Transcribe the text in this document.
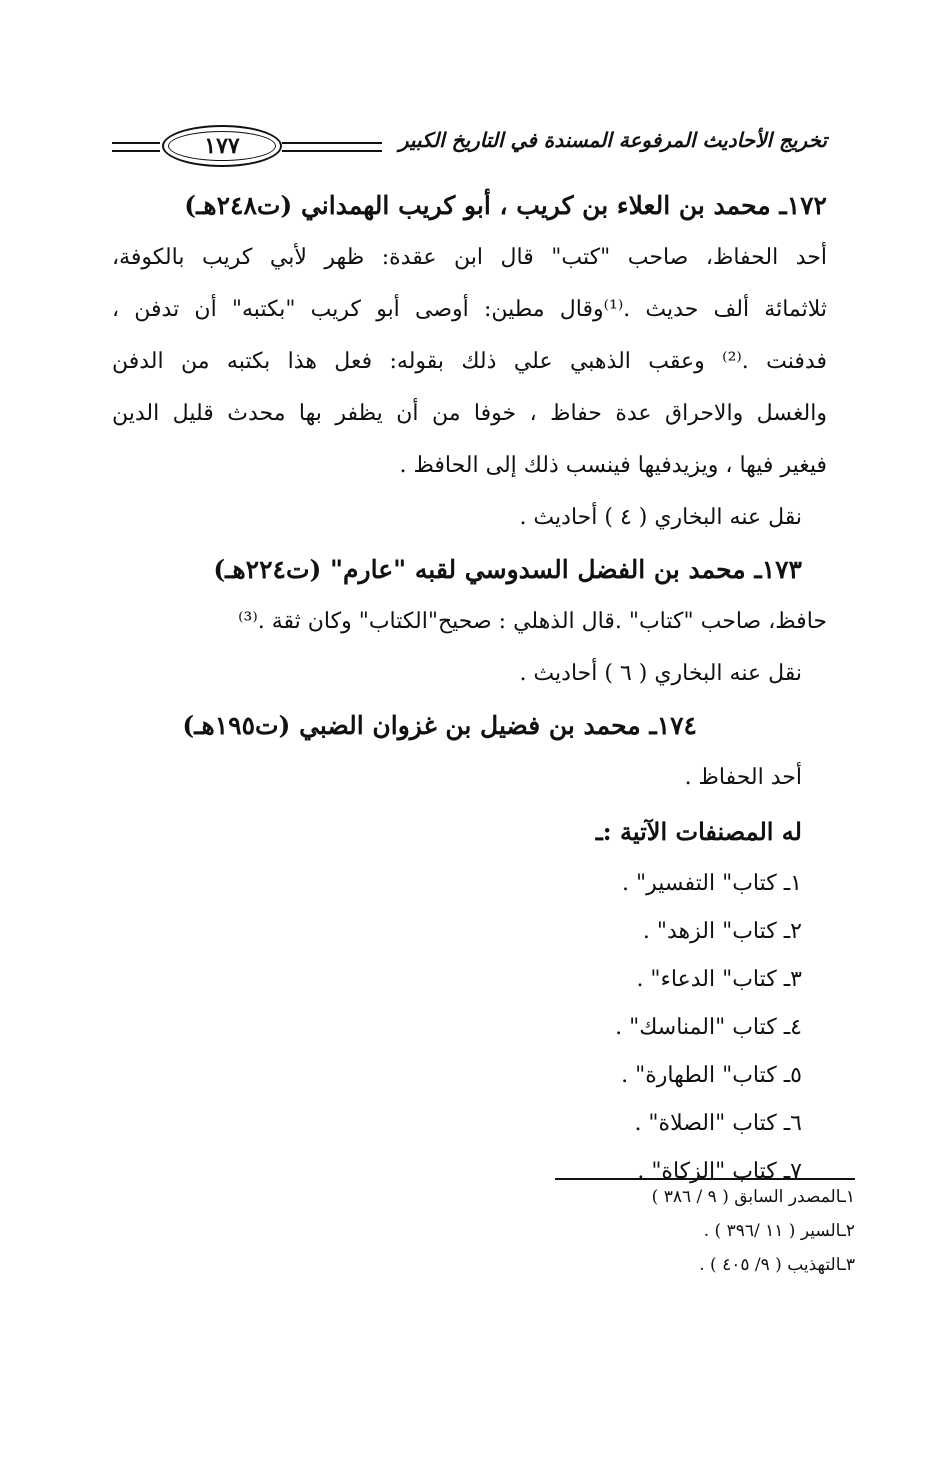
تخريج الأحاديث المرفوعة المسندة في التاريخ الكبير
١٧٧
١٧٢ـ محمد بن العلاء بن كريب ، أبو كريب الهمداني (ت٢٤٨هـ)
أحد الحفاظ، صاحب "كتب" قال ابن عقدة: ظهر لأبي كريب بالكوفة،
ثلاثمائة ألف حديث .⁽¹⁾وقال مطين: أوصى أبو كريب "بكتبه" أن تدفن ،
فدفنت .⁽²⁾ وعقب الذهبي علي ذلك بقوله: فعل هذا بكتبه من الدفن
والغسل والاحراق عدة حفاظ ، خوفا من أن يظفر بها محدث قليل الدين
فيغير فيها ، ويزيدفيها فينسب ذلك إلى الحافظ .
نقل عنه البخاري ( ٤ ) أحاديث .
١٧٣ـ محمد بن الفضل السدوسي لقبه "عارم" (ت٢٢٤هـ)
حافظ، صاحب "كتاب" .قال الذهلي : صحيح"الكتاب" وكان ثقة .⁽³⁾
نقل عنه البخاري ( ٦ ) أحاديث .
١٧٤ـ محمد بن فضيل بن غزوان الضبي (ت١٩٥هـ)
أحد الحفاظ .
له المصنفات الآتية :ـ
١ـ كتاب" التفسير" .
٢ـ كتاب" الزهد" .
٣ـ كتاب" الدعاء" .
٤ـ كتاب "المناسك" .
٥ـ كتاب" الطهارة" .
٦ـ كتاب "الصلاة" .
٧ـ كتاب "الزكاة" .
١ـالمصدر السابق ( ٩ / ٣٨٦ )
٢ـالسير ( ١١ /٣٩٦ ) .
٣ـالتهذيب ( ٩/ ٤٠٥ ) .
